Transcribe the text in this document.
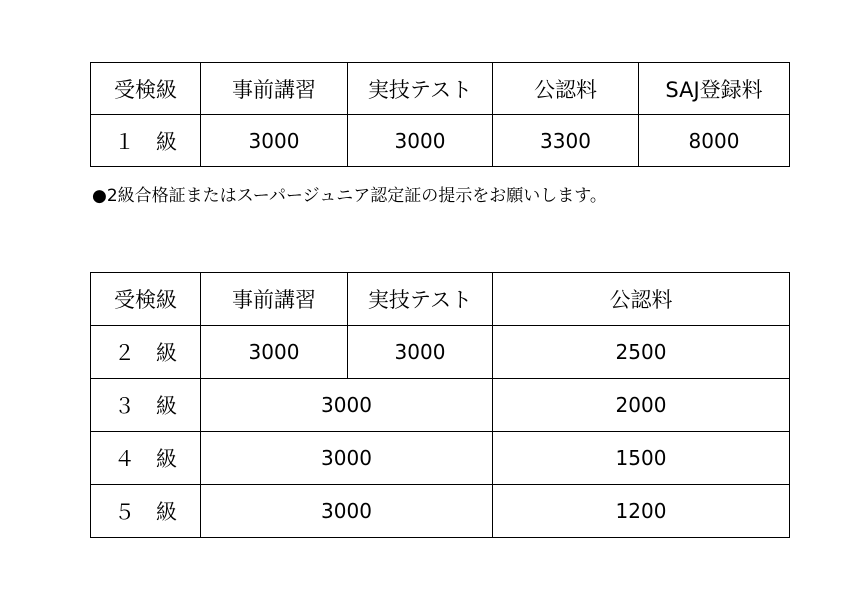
受検級	事前講習	実技テスト	公認料	SAJ登録料
１　級	3000	3000	3300	8000
●2級合格証またはスーパージュニア認定証の提示をお願いします。
受検級	事前講習	実技テスト	公認料
２　級	3000	3000	2500
３　級	3000		2000
４　級	3000		1500
５　級	3000		1200
